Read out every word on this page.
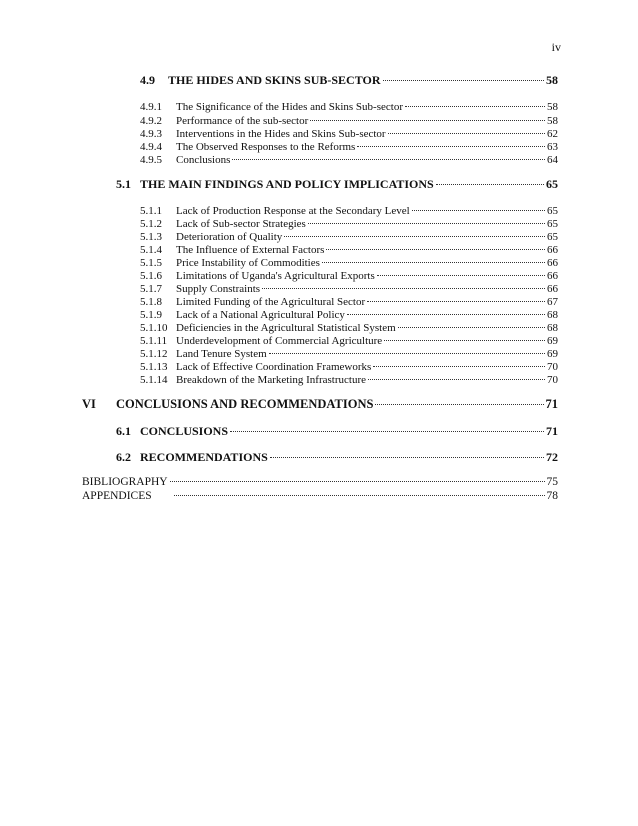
iv
4.9	THE HIDES AND SKINS SUB-SECTOR	58
4.9.1	The Significance of the Hides and Skins Sub-sector	58
4.9.2	Performance of the sub-sector	58
4.9.3	Interventions in the Hides and Skins Sub-sector	62
4.9.4	The Observed Responses to the Reforms	63
4.9.5	Conclusions	64
5.1 THE MAIN FINDINGS AND POLICY IMPLICATIONS	65
5.1.1	Lack of Production Response at the Secondary Level	65
5.1.2	Lack of Sub-sector Strategies	65
5.1.3	Deterioration of Quality	65
5.1.4	The Influence of External Factors	66
5.1.5	Price Instability of Commodities	66
5.1.6	Limitations of Uganda's Agricultural Exports	66
5.1.7	Supply Constraints	66
5.1.8	Limited Funding of the Agricultural Sector	67
5.1.9	Lack of a National Agricultural Policy	68
5.1.10 Deficiencies in the Agricultural Statistical System	68
5.1.11 Underdevelopment of Commercial Agriculture	69
5.1.12 Land Tenure System	69
5.1.13 Lack of Effective Coordination Frameworks	70
5.1.14 Breakdown of the Marketing Infrastructure	70
VI	CONCLUSIONS AND RECOMMENDATIONS	71
6.1 CONCLUSIONS	71
6.2 RECOMMENDATIONS	72
BIBLIOGRAPHY	75
APPENDICES	78
